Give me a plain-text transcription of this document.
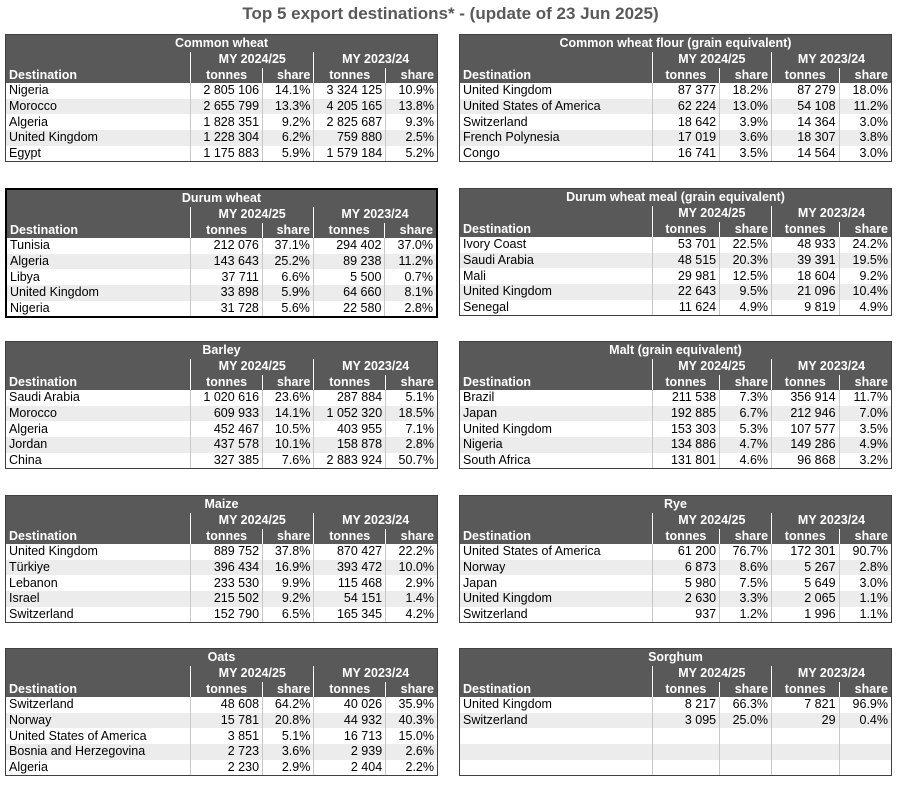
Top 5 export destinations* - (update of 23 Jun 2025)
Common wheat				
	MY 2024/25		MY 2023/24	
Destination	tonnes	share	tonnes	share
Nigeria	2 805 106	14.1%	3 324 125	10.9%
Morocco	2 655 799	13.3%	4 205 165	13.8%
Algeria	1 828 351	9.2%	2 825 687	9.3%
United Kingdom	1 228 304	6.2%	759 880	2.5%
Egypt	1 175 883	5.9%	1 579 184	5.2%
Common wheat flour (grain equivalent)				
	MY 2024/25		MY 2023/24	
Destination	tonnes	share	tonnes	share
United Kingdom	87 377	18.2%	87 279	18.0%
United States of America	62 224	13.0%	54 108	11.2%
Switzerland	18 642	3.9%	14 364	3.0%
French Polynesia	17 019	3.6%	18 307	3.8%
Congo	16 741	3.5%	14 564	3.0%
Durum wheat				
	MY 2024/25		MY 2023/24	
Destination	tonnes	share	tonnes	share
Tunisia	212 076	37.1%	294 402	37.0%
Algeria	143 643	25.2%	89 238	11.2%
Libya	37 711	6.6%	5 500	0.7%
United Kingdom	33 898	5.9%	64 660	8.1%
Nigeria	31 728	5.6%	22 580	2.8%
Durum wheat meal (grain equivalent)				
	MY 2024/25		MY 2023/24	
Destination	tonnes	share	tonnes	share
Ivory Coast	53 701	22.5%	48 933	24.2%
Saudi Arabia	48 515	20.3%	39 391	19.5%
Mali	29 981	12.5%	18 604	9.2%
United Kingdom	22 643	9.5%	21 096	10.4%
Senegal	11 624	4.9%	9 819	4.9%
Barley				
	MY 2024/25		MY 2023/24	
Destination	tonnes	share	tonnes	share
Saudi Arabia	1 020 616	23.6%	287 884	5.1%
Morocco	609 933	14.1%	1 052 320	18.5%
Algeria	452 467	10.5%	403 955	7.1%
Jordan	437 578	10.1%	158 878	2.8%
China	327 385	7.6%	2 883 924	50.7%
Malt (grain equivalent)				
	MY 2024/25		MY 2023/24	
Destination	tonnes	share	tonnes	share
Brazil	211 538	7.3%	356 914	11.7%
Japan	192 885	6.7%	212 946	7.0%
United Kingdom	153 303	5.3%	107 577	3.5%
Nigeria	134 886	4.7%	149 286	4.9%
South Africa	131 801	4.6%	96 868	3.2%
Maize				
	MY 2024/25		MY 2023/24	
Destination	tonnes	share	tonnes	share
United Kingdom	889 752	37.8%	870 427	22.2%
Türkiye	396 434	16.9%	393 472	10.0%
Lebanon	233 530	9.9%	115 468	2.9%
Israel	215 502	9.2%	54 151	1.4%
Switzerland	152 790	6.5%	165 345	4.2%
Rye				
	MY 2024/25		MY 2023/24	
Destination	tonnes	share	tonnes	share
United States of America	61 200	76.7%	172 301	90.7%
Norway	6 873	8.6%	5 267	2.8%
Japan	5 980	7.5%	5 649	3.0%
United Kingdom	2 630	3.3%	2 065	1.1%
Switzerland	937	1.2%	1 996	1.1%
Oats				
	MY 2024/25		MY 2023/24	
Destination	tonnes	share	tonnes	share
Switzerland	48 608	64.2%	40 026	35.9%
Norway	15 781	20.8%	44 932	40.3%
United States of America	3 851	5.1%	16 713	15.0%
Bosnia and Herzegovina	2 723	3.6%	2 939	2.6%
Algeria	2 230	2.9%	2 404	2.2%
Sorghum				
	MY 2024/25		MY 2023/24	
Destination	tonnes	share	tonnes	share
United Kingdom	8 217	66.3%	7 821	96.9%
Switzerland	3 095	25.0%	29	0.4%
